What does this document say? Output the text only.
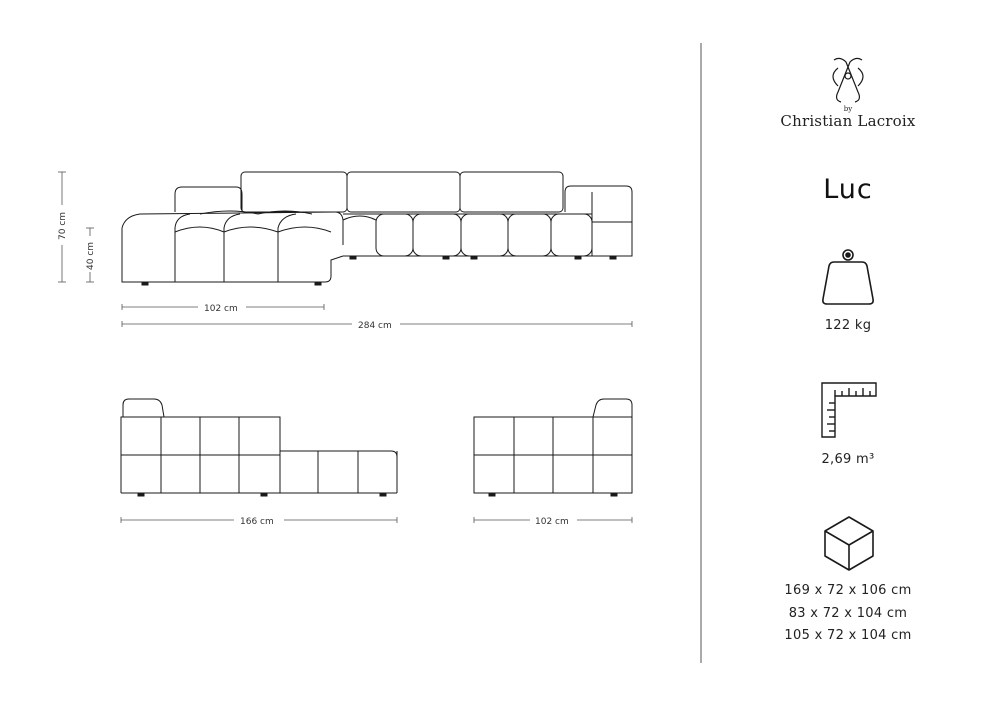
70 cm
40 cm
102 cm
284 cm
166 cm	102 cm
by
Christian Lacroix
Luc
122 kg
2,69 m³
169 x 72 x 106 cm
83 x 72 x 104 cm
105 x 72 x 104 cm
